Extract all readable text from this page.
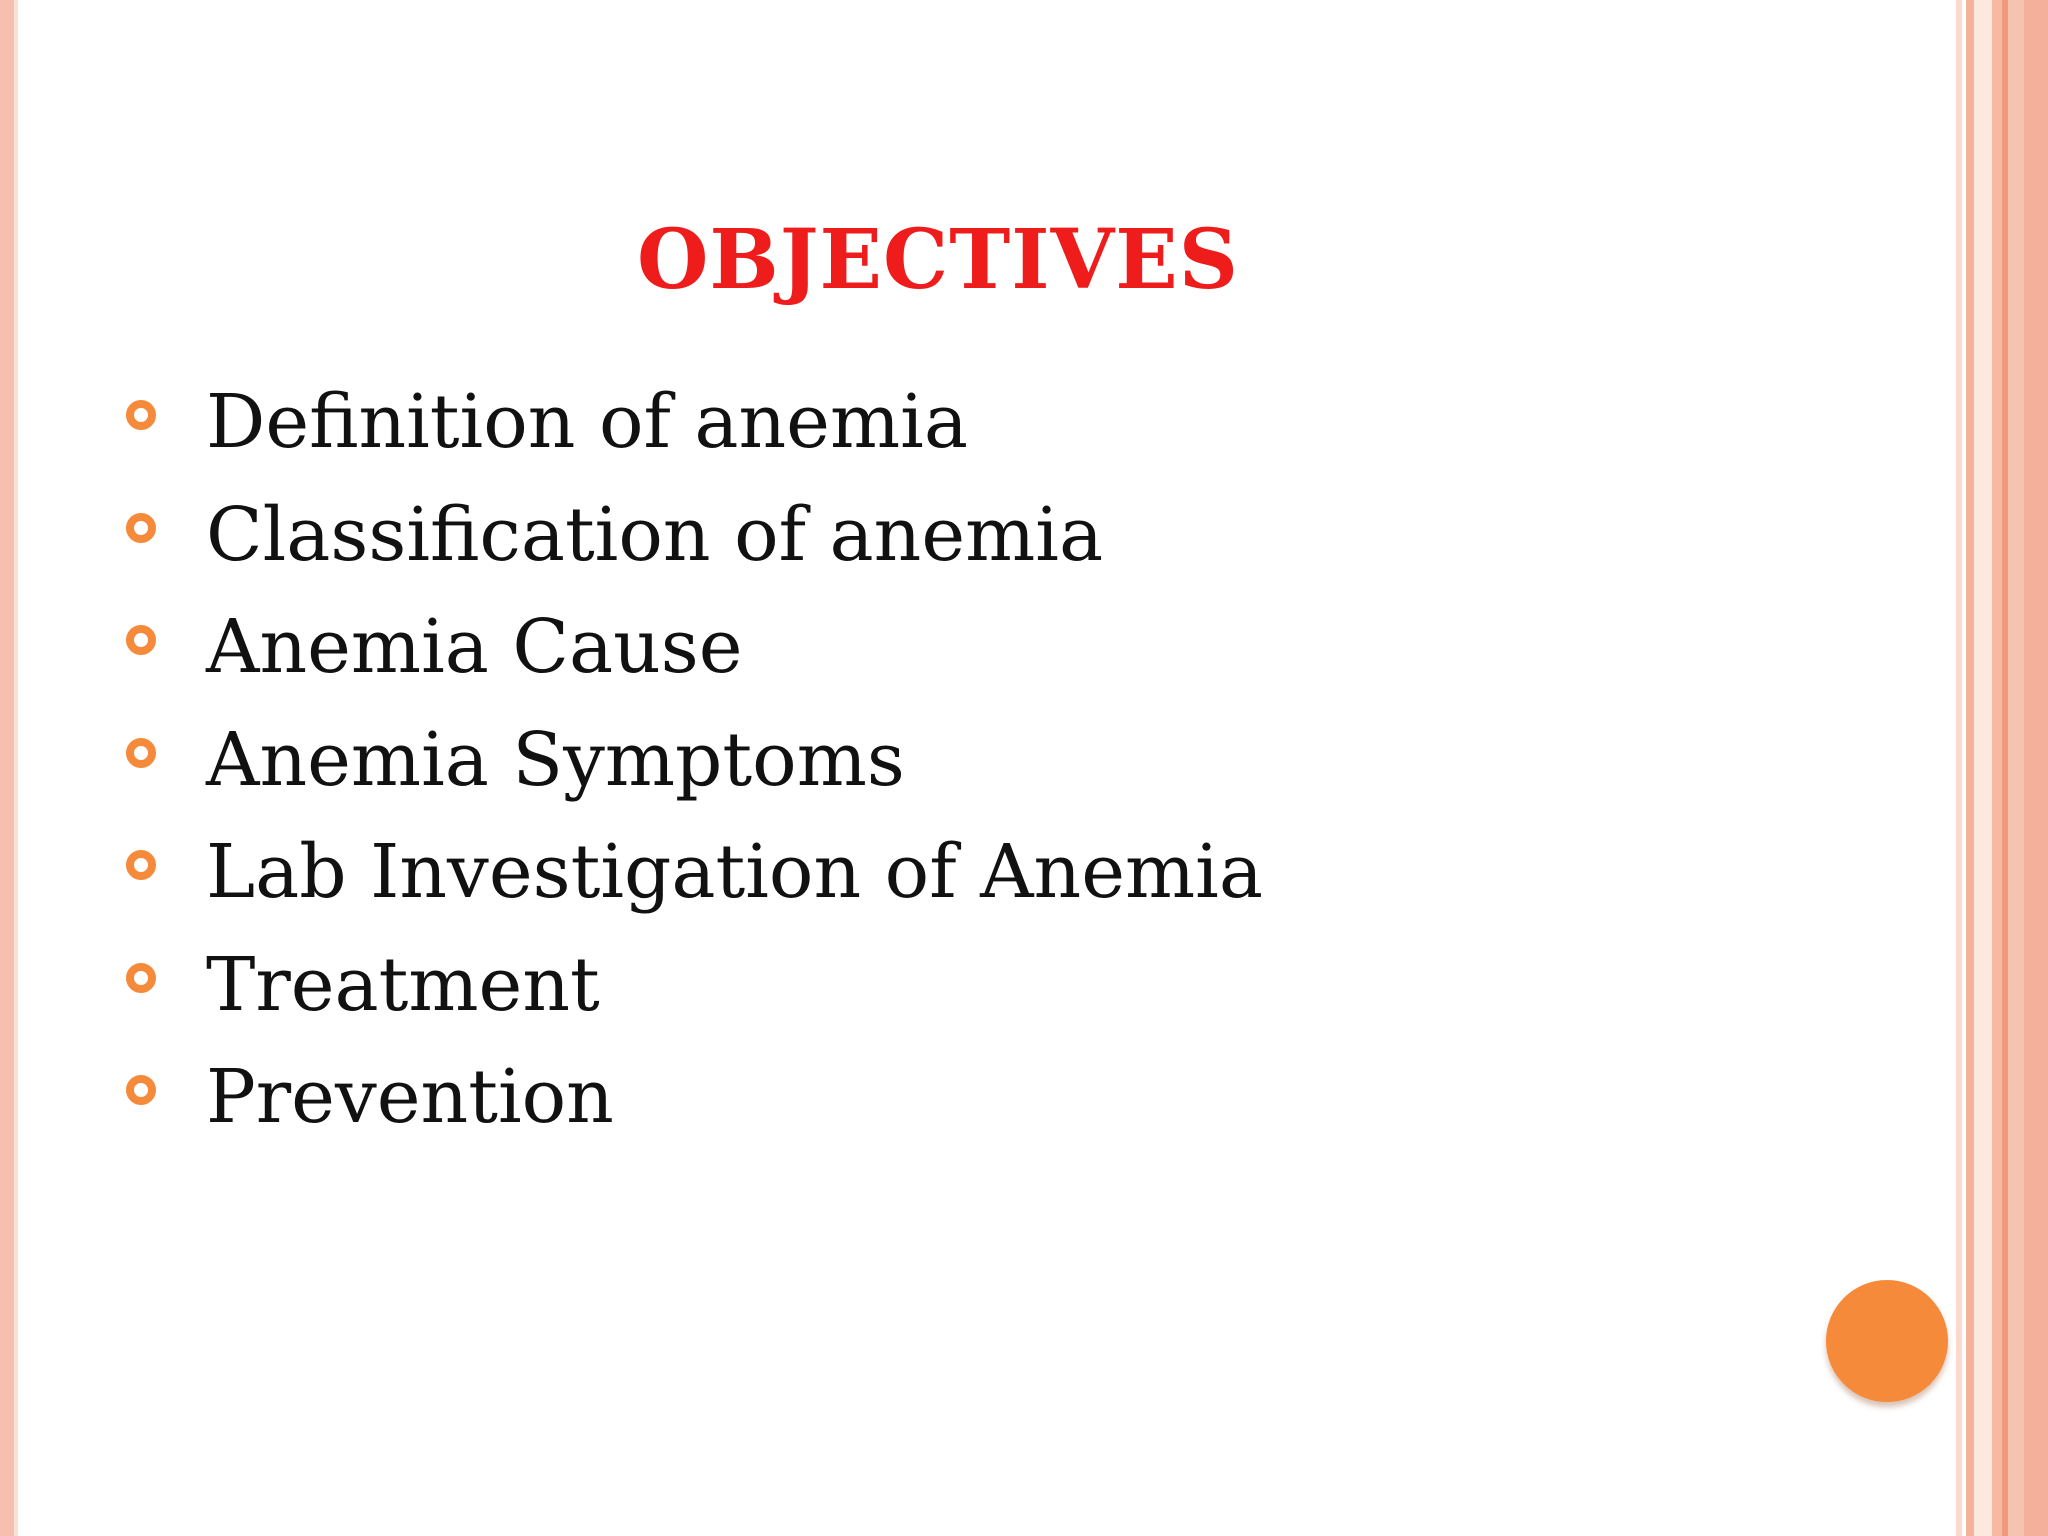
OBJECTIVES
Definition of anemia
Classification of anemia
Anemia Cause
Anemia Symptoms
Lab Investigation of Anemia
Treatment
Prevention
